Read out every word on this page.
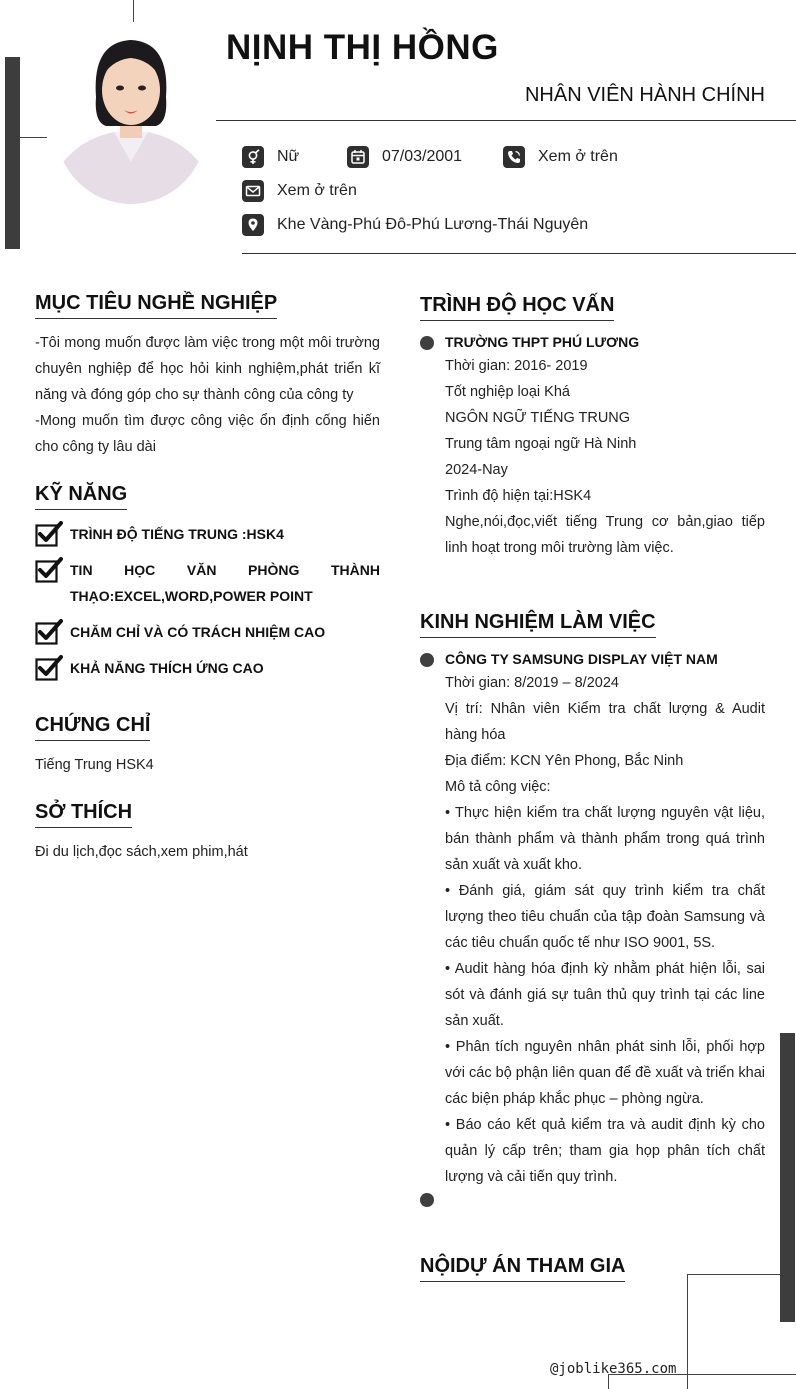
NỊNH THỊ HỒNG
NHÂN VIÊN HÀNH CHÍNH
Nữ	07/03/2001	Xem ở trên
Xem ở trên
Khe Vàng-Phú Đô-Phú Lương-Thái Nguyên
MỤC TIÊU NGHỀ NGHIỆP

-Tôi mong muốn được làm việc trong một môi trường chuyên nghiệp để học hỏi kinh nghiệm,phát triển kĩ năng và đóng góp cho sự thành công của công ty

-Mong muốn tìm được công việc ổn định cống hiến cho công ty lâu dài

KỸ NĂNG
TRÌNH ĐỘ TIẾNG TRUNG :HSK4
TIN HỌC VĂN PHÒNG THÀNH THẠO:EXCEL,WORD,POWER POINT
CHĂM CHỈ VÀ CÓ TRÁCH NHIỆM CAO
KHẢ NĂNG THÍCH ỨNG CAO
CHỨNG CHỈ
Tiếng Trung HSK4
SỞ THÍCH
Đi du lịch,đọc sách,xem phim,hát
TRÌNH ĐỘ HỌC VẤN
TRƯỜNG THPT PHÚ LƯƠNG

Thời gian: 2016- 2019

Tốt nghiệp loại Khá

NGÔN NGỮ TIẾNG TRUNG

Trung tâm ngoại ngữ Hà Ninh

2024-Nay

Trình độ hiện tại:HSK4

Nghe,nói,đọc,viết tiếng Trung cơ bản,giao tiếp linh hoạt trong môi trường làm việc.

KINH NGHIỆM LÀM VIỆC
CÔNG TY SAMSUNG DISPLAY VIỆT NAM

Thời gian: 8/2019 – 8/2024

Vị trí: Nhân viên Kiểm tra chất lượng & Audit hàng hóa

Địa điểm: KCN Yên Phong, Bắc Ninh

Mô tả công việc:

• Thực hiện kiểm tra chất lượng nguyên vật liệu, bán thành phẩm và thành phẩm trong quá trình sản xuất và xuất kho.

• Đánh giá, giám sát quy trình kiểm tra chất lượng theo tiêu chuẩn của tập đoàn Samsung và các tiêu chuẩn quốc tế như ISO 9001, 5S.

• Audit hàng hóa định kỳ nhằm phát hiện lỗi, sai sót và đánh giá sự tuân thủ quy trình tại các line sản xuất.

• Phân tích nguyên nhân phát sinh lỗi, phối hợp với các bộ phận liên quan để đề xuất và triển khai các biện pháp khắc phục – phòng ngừa.

• Báo cáo kết quả kiểm tra và audit định kỳ cho quản lý cấp trên; tham gia họp phân tích chất lượng và cải tiến quy trình.

NỘIDỰ ÁN THAM GIA
@joblike365.com
